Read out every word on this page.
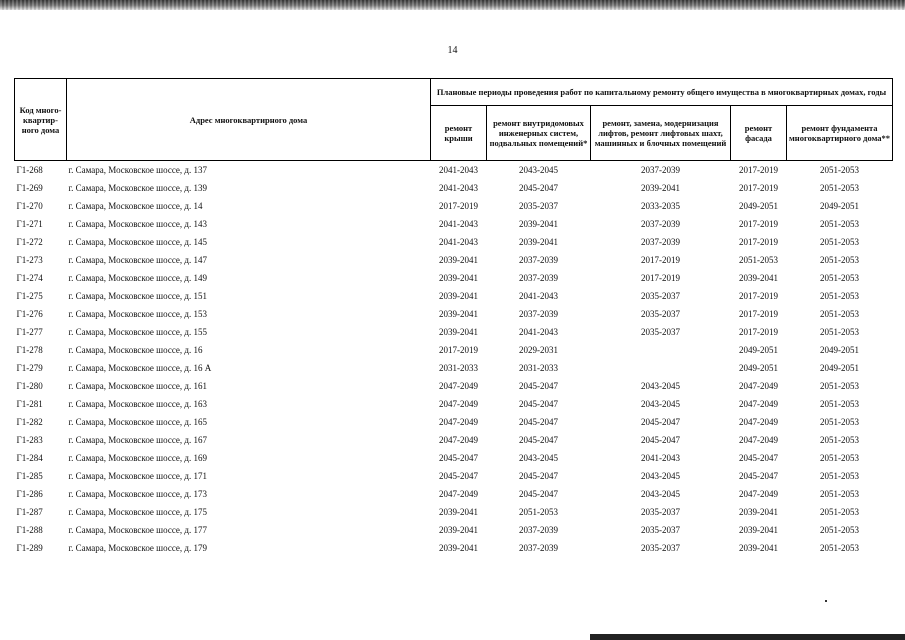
14
Код много-квартир-ного дома	Адрес многоквартирного дома	Плановые периоды проведения работ по капитальному ремонту общего имущества в многоквартирных домах, годы				
		ремонт крыши	ремонт внутридомовых инженерных систем, подвальных помещений*	ремонт, замена, модернизация лифтов, ремонт лифтовых шахт, машинных и блочных помещений	ремонт фасада	ремонт фундамента многоквартирного дома**
Г1-268	г. Самара, Московское шоссе, д. 137	2041-2043	2043-2045	2037-2039	2017-2019	2051-2053
Г1-269	г. Самара, Московское шоссе, д. 139	2041-2043	2045-2047	2039-2041	2017-2019	2051-2053
Г1-270	г. Самара, Московское шоссе, д. 14	2017-2019	2035-2037	2033-2035	2049-2051	2049-2051
Г1-271	г. Самара, Московское шоссе, д. 143	2041-2043	2039-2041	2037-2039	2017-2019	2051-2053
Г1-272	г. Самара, Московское шоссе, д. 145	2041-2043	2039-2041	2037-2039	2017-2019	2051-2053
Г1-273	г. Самара, Московское шоссе, д. 147	2039-2041	2037-2039	2017-2019	2051-2053	2051-2053
Г1-274	г. Самара, Московское шоссе, д. 149	2039-2041	2037-2039	2017-2019	2039-2041	2051-2053
Г1-275	г. Самара, Московское шоссе, д. 151	2039-2041	2041-2043	2035-2037	2017-2019	2051-2053
Г1-276	г. Самара, Московское шоссе, д. 153	2039-2041	2037-2039	2035-2037	2017-2019	2051-2053
Г1-277	г. Самара, Московское шоссе, д. 155	2039-2041	2041-2043	2035-2037	2017-2019	2051-2053
Г1-278	г. Самара, Московское шоссе, д. 16	2017-2019	2029-2031		2049-2051	2049-2051
Г1-279	г. Самара, Московское шоссе, д. 16 А	2031-2033	2031-2033		2049-2051	2049-2051
Г1-280	г. Самара, Московское шоссе, д. 161	2047-2049	2045-2047	2043-2045	2047-2049	2051-2053
Г1-281	г. Самара, Московское шоссе, д. 163	2047-2049	2045-2047	2043-2045	2047-2049	2051-2053
Г1-282	г. Самара, Московское шоссе, д. 165	2047-2049	2045-2047	2045-2047	2047-2049	2051-2053
Г1-283	г. Самара, Московское шоссе, д. 167	2047-2049	2045-2047	2045-2047	2047-2049	2051-2053
Г1-284	г. Самара, Московское шоссе, д. 169	2045-2047	2043-2045	2041-2043	2045-2047	2051-2053
Г1-285	г. Самара, Московское шоссе, д. 171	2045-2047	2045-2047	2043-2045	2045-2047	2051-2053
Г1-286	г. Самара, Московское шоссе, д. 173	2047-2049	2045-2047	2043-2045	2047-2049	2051-2053
Г1-287	г. Самара, Московское шоссе, д. 175	2039-2041	2051-2053	2035-2037	2039-2041	2051-2053
Г1-288	г. Самара, Московское шоссе, д. 177	2039-2041	2037-2039	2035-2037	2039-2041	2051-2053
Г1-289	г. Самара, Московское шоссе, д. 179	2039-2041	2037-2039	2035-2037	2039-2041	2051-2053
